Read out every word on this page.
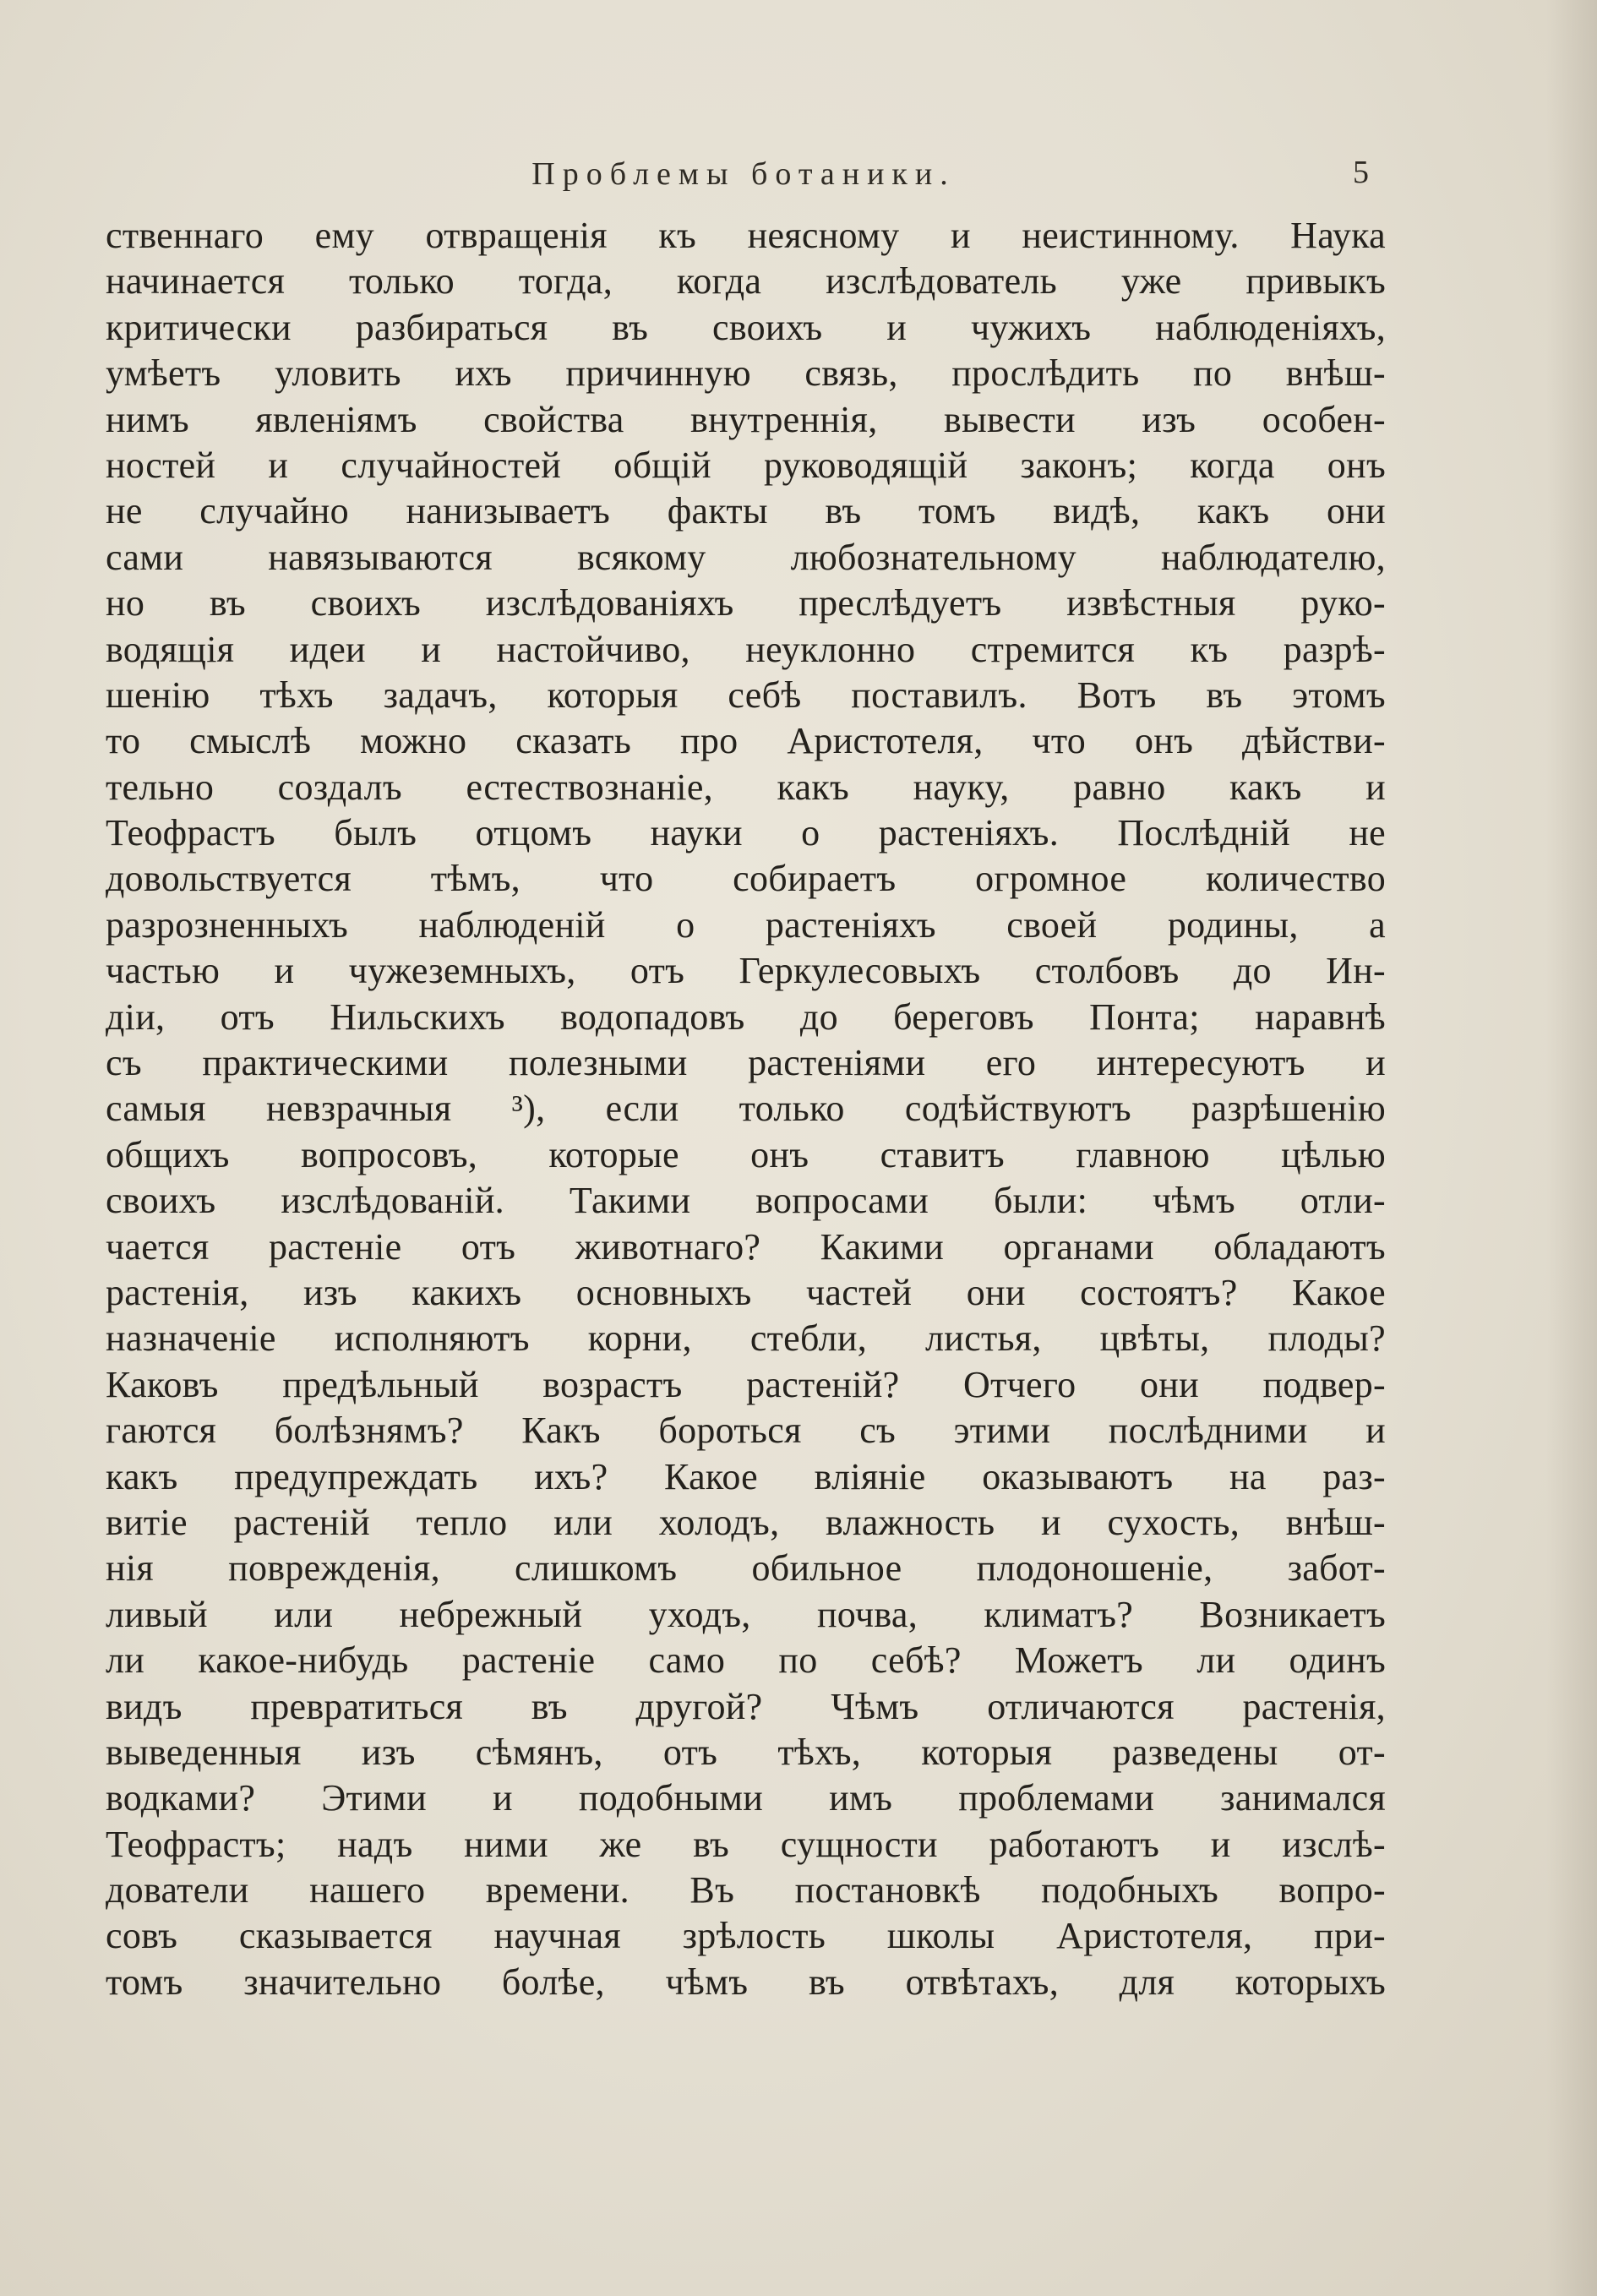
Проблемы ботаники.	5
ственнаго ему отвращенія къ неясному и неистинному. Наука
начинается только тогда, когда изслѣдователь уже привыкъ
критически разбираться въ своихъ и чужихъ наблюденіяхъ,
умѣетъ уловить ихъ причинную связь, прослѣдить по внѣш-
нимъ явленіямъ свойства внутреннія, вывести изъ особен-
ностей и случайностей общій руководящій законъ; когда онъ
не случайно нанизываетъ факты въ томъ видѣ, какъ они
сами навязываются всякому любознательному наблюдателю,
но въ своихъ изслѣдованіяхъ преслѣдуетъ извѣстныя руко-
водящія идеи и настойчиво, неуклонно стремится къ разрѣ-
шенію тѣхъ задачъ, которыя себѣ поставилъ. Вотъ въ этомъ
то смыслѣ можно сказать про Аристотеля, что онъ дѣйстви-
тельно создалъ естествознаніе, какъ науку, равно какъ и
Теофрастъ былъ отцомъ науки о растеніяхъ. Послѣдній не
довольствуется тѣмъ, что собираетъ огромное количество
разрозненныхъ наблюденій о растеніяхъ своей родины, а
частью и чужеземныхъ, отъ Геркулесовыхъ столбовъ до Ин-
діи, отъ Нильскихъ водопадовъ до береговъ Понта; наравнѣ
съ практическими полезными растеніями его интересуютъ и
самыя невзрачныя ³), если только содѣйствуютъ разрѣшенію
общихъ вопросовъ, которые онъ ставитъ главною цѣлью
своихъ изслѣдованій. Такими вопросами были: чѣмъ отли-
чается растеніе отъ животнаго? Какими органами обладаютъ
растенія, изъ какихъ основныхъ частей они состоятъ? Какое
назначеніе исполняютъ корни, стебли, листья, цвѣты, плоды?
Каковъ предѣльный возрастъ растеній? Отчего они подвер-
гаются болѣзнямъ? Какъ бороться съ этими послѣдними и
какъ предупреждать ихъ? Какое вліяніе оказываютъ на раз-
витіе растеній тепло или холодъ, влажность и сухость, внѣш-
нія поврежденія, слишкомъ обильное плодоношеніе, забот-
ливый или небрежный уходъ, почва, климатъ? Возникаетъ
ли какое-нибудь растеніе само по себѣ? Можетъ ли одинъ
видъ превратиться въ другой? Чѣмъ отличаются растенія,
выведенныя изъ сѣмянъ, отъ тѣхъ, которыя разведены от-
водками? Этими и подобными имъ проблемами занимался
Теофрастъ; надъ ними же въ сущности работаютъ и изслѣ-
дователи нашего времени. Въ постановкѣ подобныхъ вопро-
совъ сказывается научная зрѣлость школы Аристотеля, при-
томъ значительно болѣе, чѣмъ въ отвѣтахъ, для которыхъ
